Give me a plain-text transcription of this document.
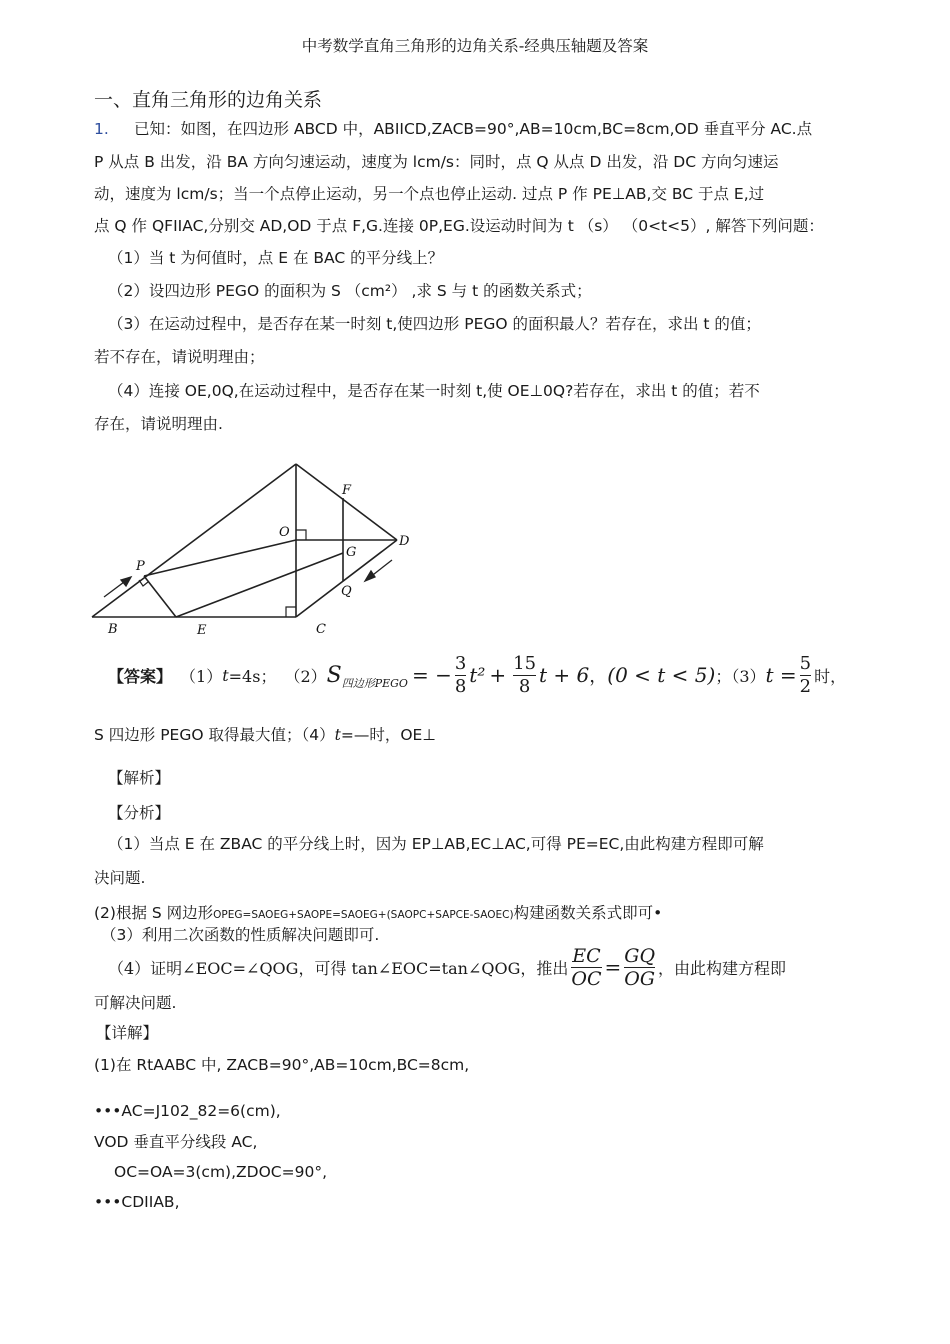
中考数学直角三角形的边角关系-经典压轴题及答案
一、直角三角形的边角关系
1. 已知：如图，在四边形 ABCD 中，ABIICD,ZACB=90°,AB=10cm,BC=8cm,OD 垂直平分 AC.点
P 从点 B 出发，沿 BA 方向匀速运动，速度为 lcm/s：同时，点 Q 从点 D 出发，沿 DC 方向匀速运
动，速度为 lcm/s；当一个点停止运动，另一个点也停止运动. 过点 P 作 PE⊥AB,交 BC 于点 E,过
点 Q 作 QFIIAC,分别交 AD,OD 于点 F,G.连接 0P,EG.设运动时间为 t （s） （0<t<5）, 解答下列问题：
（1）当 t 为何值时，点 E 在 BAC 的平分线上？
（2）设四边形 PEGO 的面积为 S （cm²） ,求 S 与 t 的函数关系式；
（3）在运动过程中，是否存在某一时刻 t,使四边形 PEGO 的面积最人？若存在，求出 t 的值；
若不存在，请说明理由；
（4）连接 OE,0Q,在运动过程中，是否存在某一时刻 t,使 OE⊥0Q?若存在，求出 t 的值；若不
存在，请说明理由.
P
B	E	C
O
G
F
D
Q
【答案】 （1） t =4s； （2） S 四边形PEGO = − $\frac{3}{8} t^2 + \frac{15}{8}$ t + 6 ， (0 < t < 5) ；（3） $t = \frac{5}{2}$ 时，
S 四边形 PEGO 取得最大值；（4）t=—时，OE⊥
【解析】
【分析】
（1）当点 E 在 ZBAC 的平分线上时，因为 EP⊥AB,EC⊥AC,可得 PE=EC,由此构建方程即可解
决问题.
(2)根据 S 网边形OPEG=SAOEG+SAOPE=SAOEG+(SAOPC+SAPCE-SAOEC)构建函数关系式即可•
（3）利用二次函数的性质解决问题即可.
（4）证明∠EOC=∠QOG，可得 tan∠EOC=tan∠QOG，推出 $\frac{EC}{OC} = \frac{GQ}{OG}$ ，由此构建方程即
可解决问题.
【详解】
(1)在 RtAABC 中, ZACB=90°,AB=10cm,BC=8cm,
•••AC=J102_82=6(cm),
VOD 垂直平分线段 AC,
OC=OA=3(cm),ZDOC=90°,
•••CDIIAB,
